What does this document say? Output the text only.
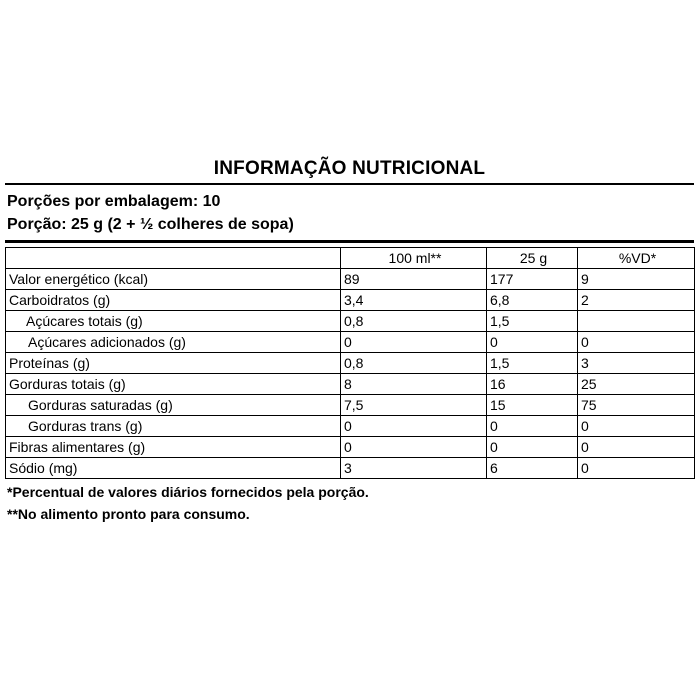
INFORMAÇÃO NUTRICIONAL
Porções por embalagem: 10
Porção: 25 g (2 + ½ colheres de sopa)
	100 ml**	25 g	%VD*
Valor energético (kcal)	89	177	9
Carboidratos (g)	3,4	6,8	2
Açúcares totais (g)	0,8	1,5	
Açúcares adicionados (g)	0	0	0
Proteínas (g)	0,8	1,5	3
Gorduras totais (g)	8	16	25
Gorduras saturadas (g)	7,5	15	75
Gorduras trans (g)	0	0	0
Fibras alimentares (g)	0	0	0
Sódio (mg)	3	6	0
*Percentual de valores diários fornecidos pela porção.
**No alimento pronto para consumo.
